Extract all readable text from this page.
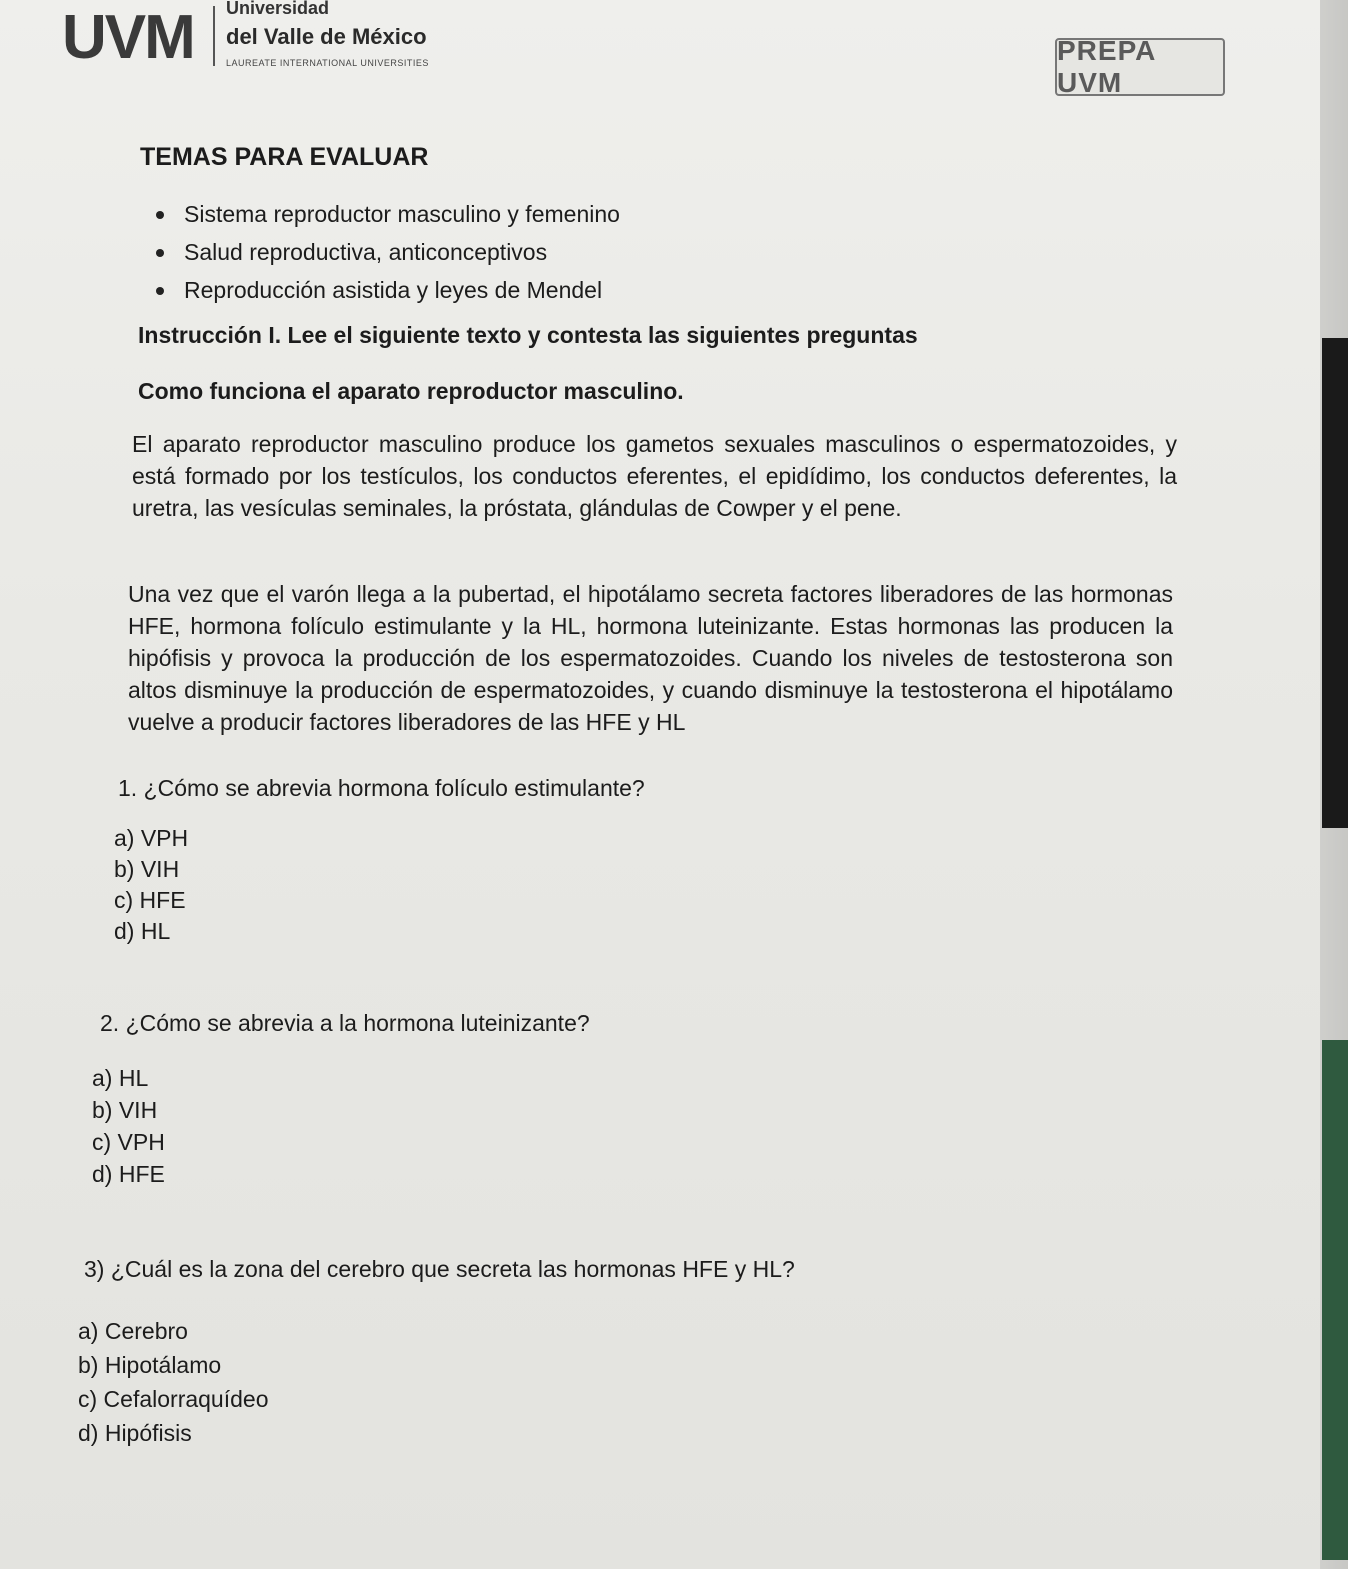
UVM Universidad
del Valle de México
LAUREATE INTERNATIONAL UNIVERSITIES	PREPA UVM
TEMAS PARA EVALUAR
Sistema reproductor masculino y femenino
Salud reproductiva, anticonceptivos
Reproducción asistida y leyes de Mendel
Instrucción I. Lee el siguiente texto y contesta las siguientes preguntas
Como funciona el aparato reproductor masculino.

El aparato reproductor masculino produce los gametos sexuales masculinos o espermatozoides, y está formado por los testículos, los conductos eferentes, el epidídimo, los conductos deferentes, la uretra, las vesículas seminales, la próstata, glándulas de Cowper y el pene.

Una vez que el varón llega a la pubertad, el hipotálamo secreta factores liberadores de las hormonas HFE, hormona folículo estimulante y la HL, hormona luteinizante. Estas hormonas las producen la hipófisis y provoca la producción de los espermatozoides. Cuando los niveles de testosterona son altos disminuye la producción de espermatozoides, y cuando disminuye la testosterona el hipotálamo vuelve a producir factores liberadores de las HFE y HL

1. ¿Cómo se abrevia hormona folículo estimulante?
a) VPH
b) VIH
c) HFE
d) HL
2. ¿Cómo se abrevia a la hormona luteinizante?
a) HL
b) VIH
c) VPH
d) HFE
3) ¿Cuál es la zona del cerebro que secreta las hormonas HFE y HL?
a) Cerebro
b) Hipotálamo
c) Cefalorraquídeo
d) Hipófisis
